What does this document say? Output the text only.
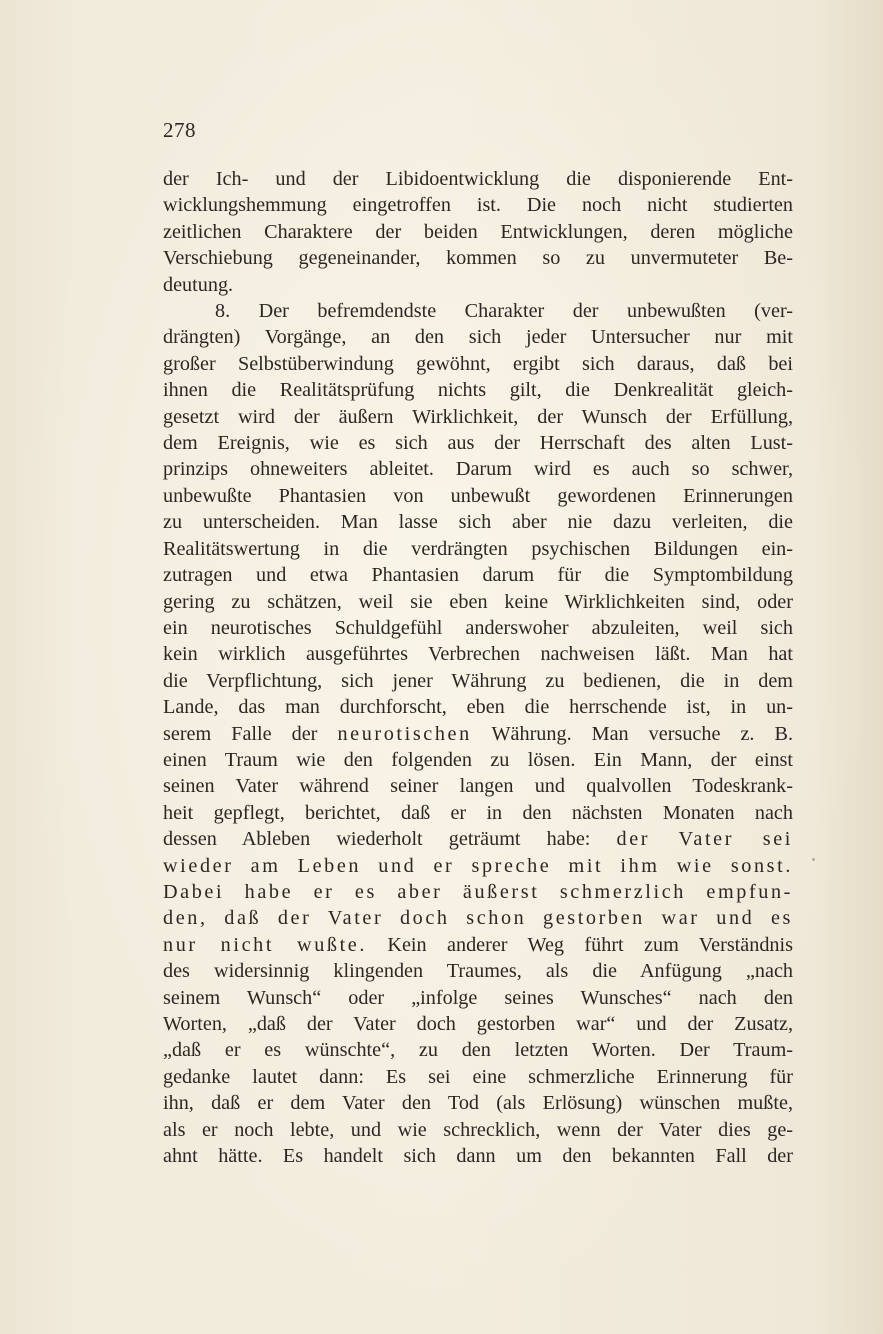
278
der Ich- und der Libidoentwicklung die disponierende Ent-
wicklungshemmung eingetroffen ist. Die noch nicht studierten
zeitlichen Charaktere der beiden Entwicklungen, deren mögliche
Verschiebung gegeneinander, kommen so zu unvermuteter Be-
deutung.
8. Der befremdendste Charakter der unbewußten (ver-
drängten) Vorgänge, an den sich jeder Untersucher nur mit
großer Selbstüberwindung gewöhnt, ergibt sich daraus, daß bei
ihnen die Realitätsprüfung nichts gilt, die Denkrealität gleich-
gesetzt wird der äußern Wirklichkeit, der Wunsch der Erfüllung,
dem Ereignis, wie es sich aus der Herrschaft des alten Lust-
prinzips ohneweiters ableitet. Darum wird es auch so schwer,
unbewußte Phantasien von unbewußt gewordenen Erinnerungen
zu unterscheiden. Man lasse sich aber nie dazu verleiten, die
Realitätswertung in die verdrängten psychischen Bildungen ein-
zutragen und etwa Phantasien darum für die Symptombildung
gering zu schätzen, weil sie eben keine Wirklichkeiten sind, oder
ein neurotisches Schuldgefühl anderswoher abzuleiten, weil sich
kein wirklich ausgeführtes Verbrechen nachweisen läßt. Man hat
die Verpflichtung, sich jener Währung zu bedienen, die in dem
Lande, das man durchforscht, eben die herrschende ist, in un-
serem Falle der neurotischen Währung. Man versuche z. B.
einen Traum wie den folgenden zu lösen. Ein Mann, der einst
seinen Vater während seiner langen und qualvollen Todeskrank-
heit gepflegt, berichtet, daß er in den nächsten Monaten nach
dessen Ableben wiederholt geträumt habe: der Vater sei
wieder am Leben und er spreche mit ihm wie sonst.
Dabei habe er es aber äußerst schmerzlich empfun-
den, daß der Vater doch schon gestorben war und es
nur nicht wußte. Kein anderer Weg führt zum Verständnis
des widersinnig klingenden Traumes, als die Anfügung „nach
seinem Wunsch“ oder „infolge seines Wunsches“ nach den
Worten, „daß der Vater doch gestorben war“ und der Zusatz,
„daß er es wünschte“, zu den letzten Worten. Der Traum-
gedanke lautet dann: Es sei eine schmerzliche Erinnerung für
ihn, daß er dem Vater den Tod (als Erlösung) wünschen mußte,
als er noch lebte, und wie schrecklich, wenn der Vater dies ge-
ahnt hätte. Es handelt sich dann um den bekannten Fall der
